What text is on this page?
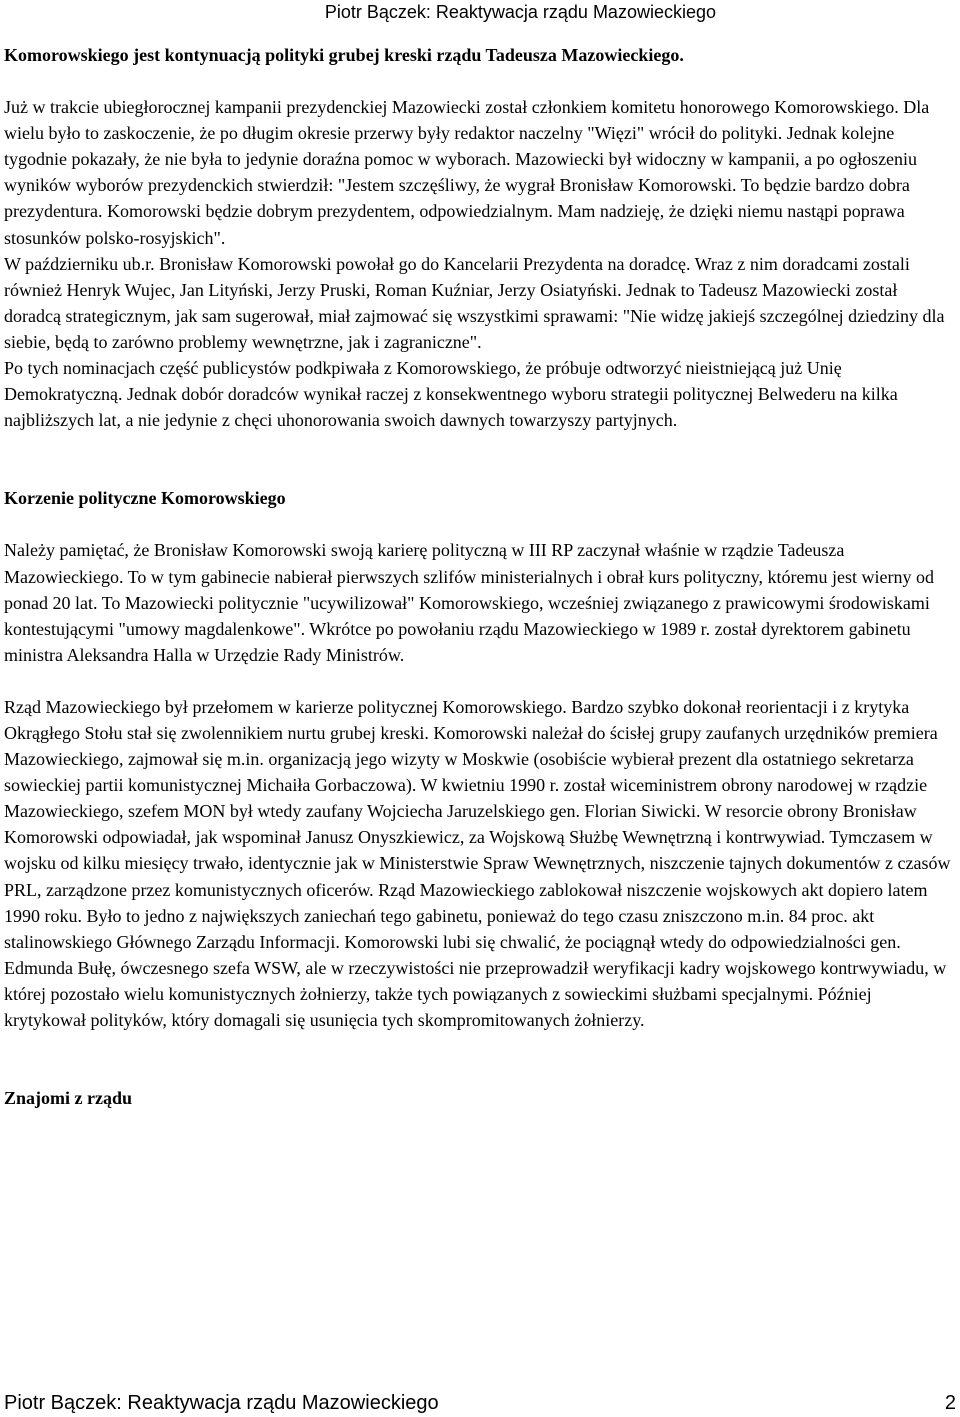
Piotr Bączek: Reaktywacja rządu Mazowieckiego

Komorowskiego jest kontynuacją polityki grubej kreski rządu Tadeusza Mazowieckiego.

Już w trakcie ubiegłorocznej kampanii prezydenckiej Mazowiecki został członkiem komitetu honorowego Komorowskiego. Dla wielu było to zaskoczenie, że po długim okresie przerwy były redaktor naczelny "Więzi" wrócił do polityki. Jednak kolejne tygodnie pokazały, że nie była to jedynie doraźna pomoc w wyborach. Mazowiecki był widoczny w kampanii, a po ogłoszeniu wyników wyborów prezydenckich stwierdził: "Jestem szczęśliwy, że wygrał Bronisław Komorowski. To będzie bardzo dobra prezydentura. Komorowski będzie dobrym prezydentem, odpowiedzialnym. Mam nadzieję, że dzięki niemu nastąpi poprawa stosunków polsko-rosyjskich".

W październiku ub.r. Bronisław Komorowski powołał go do Kancelarii Prezydenta na doradcę. Wraz z nim doradcami zostali również Henryk Wujec, Jan Lityński, Jerzy Pruski, Roman Kuźniar, Jerzy Osiatyński. Jednak to Tadeusz Mazowiecki został doradcą strategicznym, jak sam sugerował, miał zajmować się wszystkimi sprawami: "Nie widzę jakiejś szczególnej dziedziny dla siebie, będą to zarówno problemy wewnętrzne, jak i zagraniczne".

Po tych nominacjach część publicystów podkpiwała z Komorowskiego, że próbuje odtworzyć nieistniejącą już Unię Demokratyczną. Jednak dobór doradców wynikał raczej z konsekwentnego wyboru strategii politycznej Belwederu na kilka najbliższych lat, a nie jedynie z chęci uhonorowania swoich dawnych towarzyszy partyjnych.

Korzenie polityczne Komorowskiego

Należy pamiętać, że Bronisław Komorowski swoją karierę polityczną w III RP zaczynał właśnie w rządzie Tadeusza Mazowieckiego. To w tym gabinecie nabierał pierwszych szlifów ministerialnych i obrał kurs polityczny, któremu jest wierny od ponad 20 lat. To Mazowiecki politycznie "ucywilizował" Komorowskiego, wcześniej związanego z prawicowymi środowiskami kontestującymi "umowy magdalenkowe". Wkrótce po powołaniu rządu Mazowieckiego w 1989 r. został dyrektorem gabinetu ministra Aleksandra Halla w Urzędzie Rady Ministrów.

Rząd Mazowieckiego był przełomem w karierze politycznej Komorowskiego. Bardzo szybko dokonał reorientacji i z krytyka Okrągłego Stołu stał się zwolennikiem nurtu grubej kreski. Komorowski należał do ścisłej grupy zaufanych urzędników premiera Mazowieckiego, zajmował się m.in. organizacją jego wizyty w Moskwie (osobiście wybierał prezent dla ostatniego sekretarza sowieckiej partii komunistycznej Michaiła Gorbaczowa). W kwietniu 1990 r. został wiceministrem obrony narodowej w rządzie Mazowieckiego, szefem MON był wtedy zaufany Wojciecha Jaruzelskiego gen. Florian Siwicki. W resorcie obrony Bronisław Komorowski odpowiadał, jak wspominał Janusz Onyszkiewicz, za Wojskową Służbę Wewnętrzną i kontrwywiad. Tymczasem w wojsku od kilku miesięcy trwało, identycznie jak w Ministerstwie Spraw Wewnętrznych, niszczenie tajnych dokumentów z czasów PRL, zarządzone przez komunistycznych oficerów. Rząd Mazowieckiego zablokował niszczenie wojskowych akt dopiero latem 1990 roku. Było to jedno z największych zaniechań tego gabinetu, ponieważ do tego czasu zniszczono m.in. 84 proc. akt stalinowskiego Głównego Zarządu Informacji. Komorowski lubi się chwalić, że pociągnął wtedy do odpowiedzialności gen. Edmunda Bułę, ówczesnego szefa WSW, ale w rzeczywistości nie przeprowadził weryfikacji kadry wojskowego kontrwywiadu, w której pozostało wielu komunistycznych żołnierzy, także tych powiązanych z sowieckimi służbami specjalnymi. Później krytykował polityków, który domagali się usunięcia tych skompromitowanych żołnierzy.

Znajomi z rządu

Piotr Bączek: Reaktywacja rządu Mazowieckiego	2
